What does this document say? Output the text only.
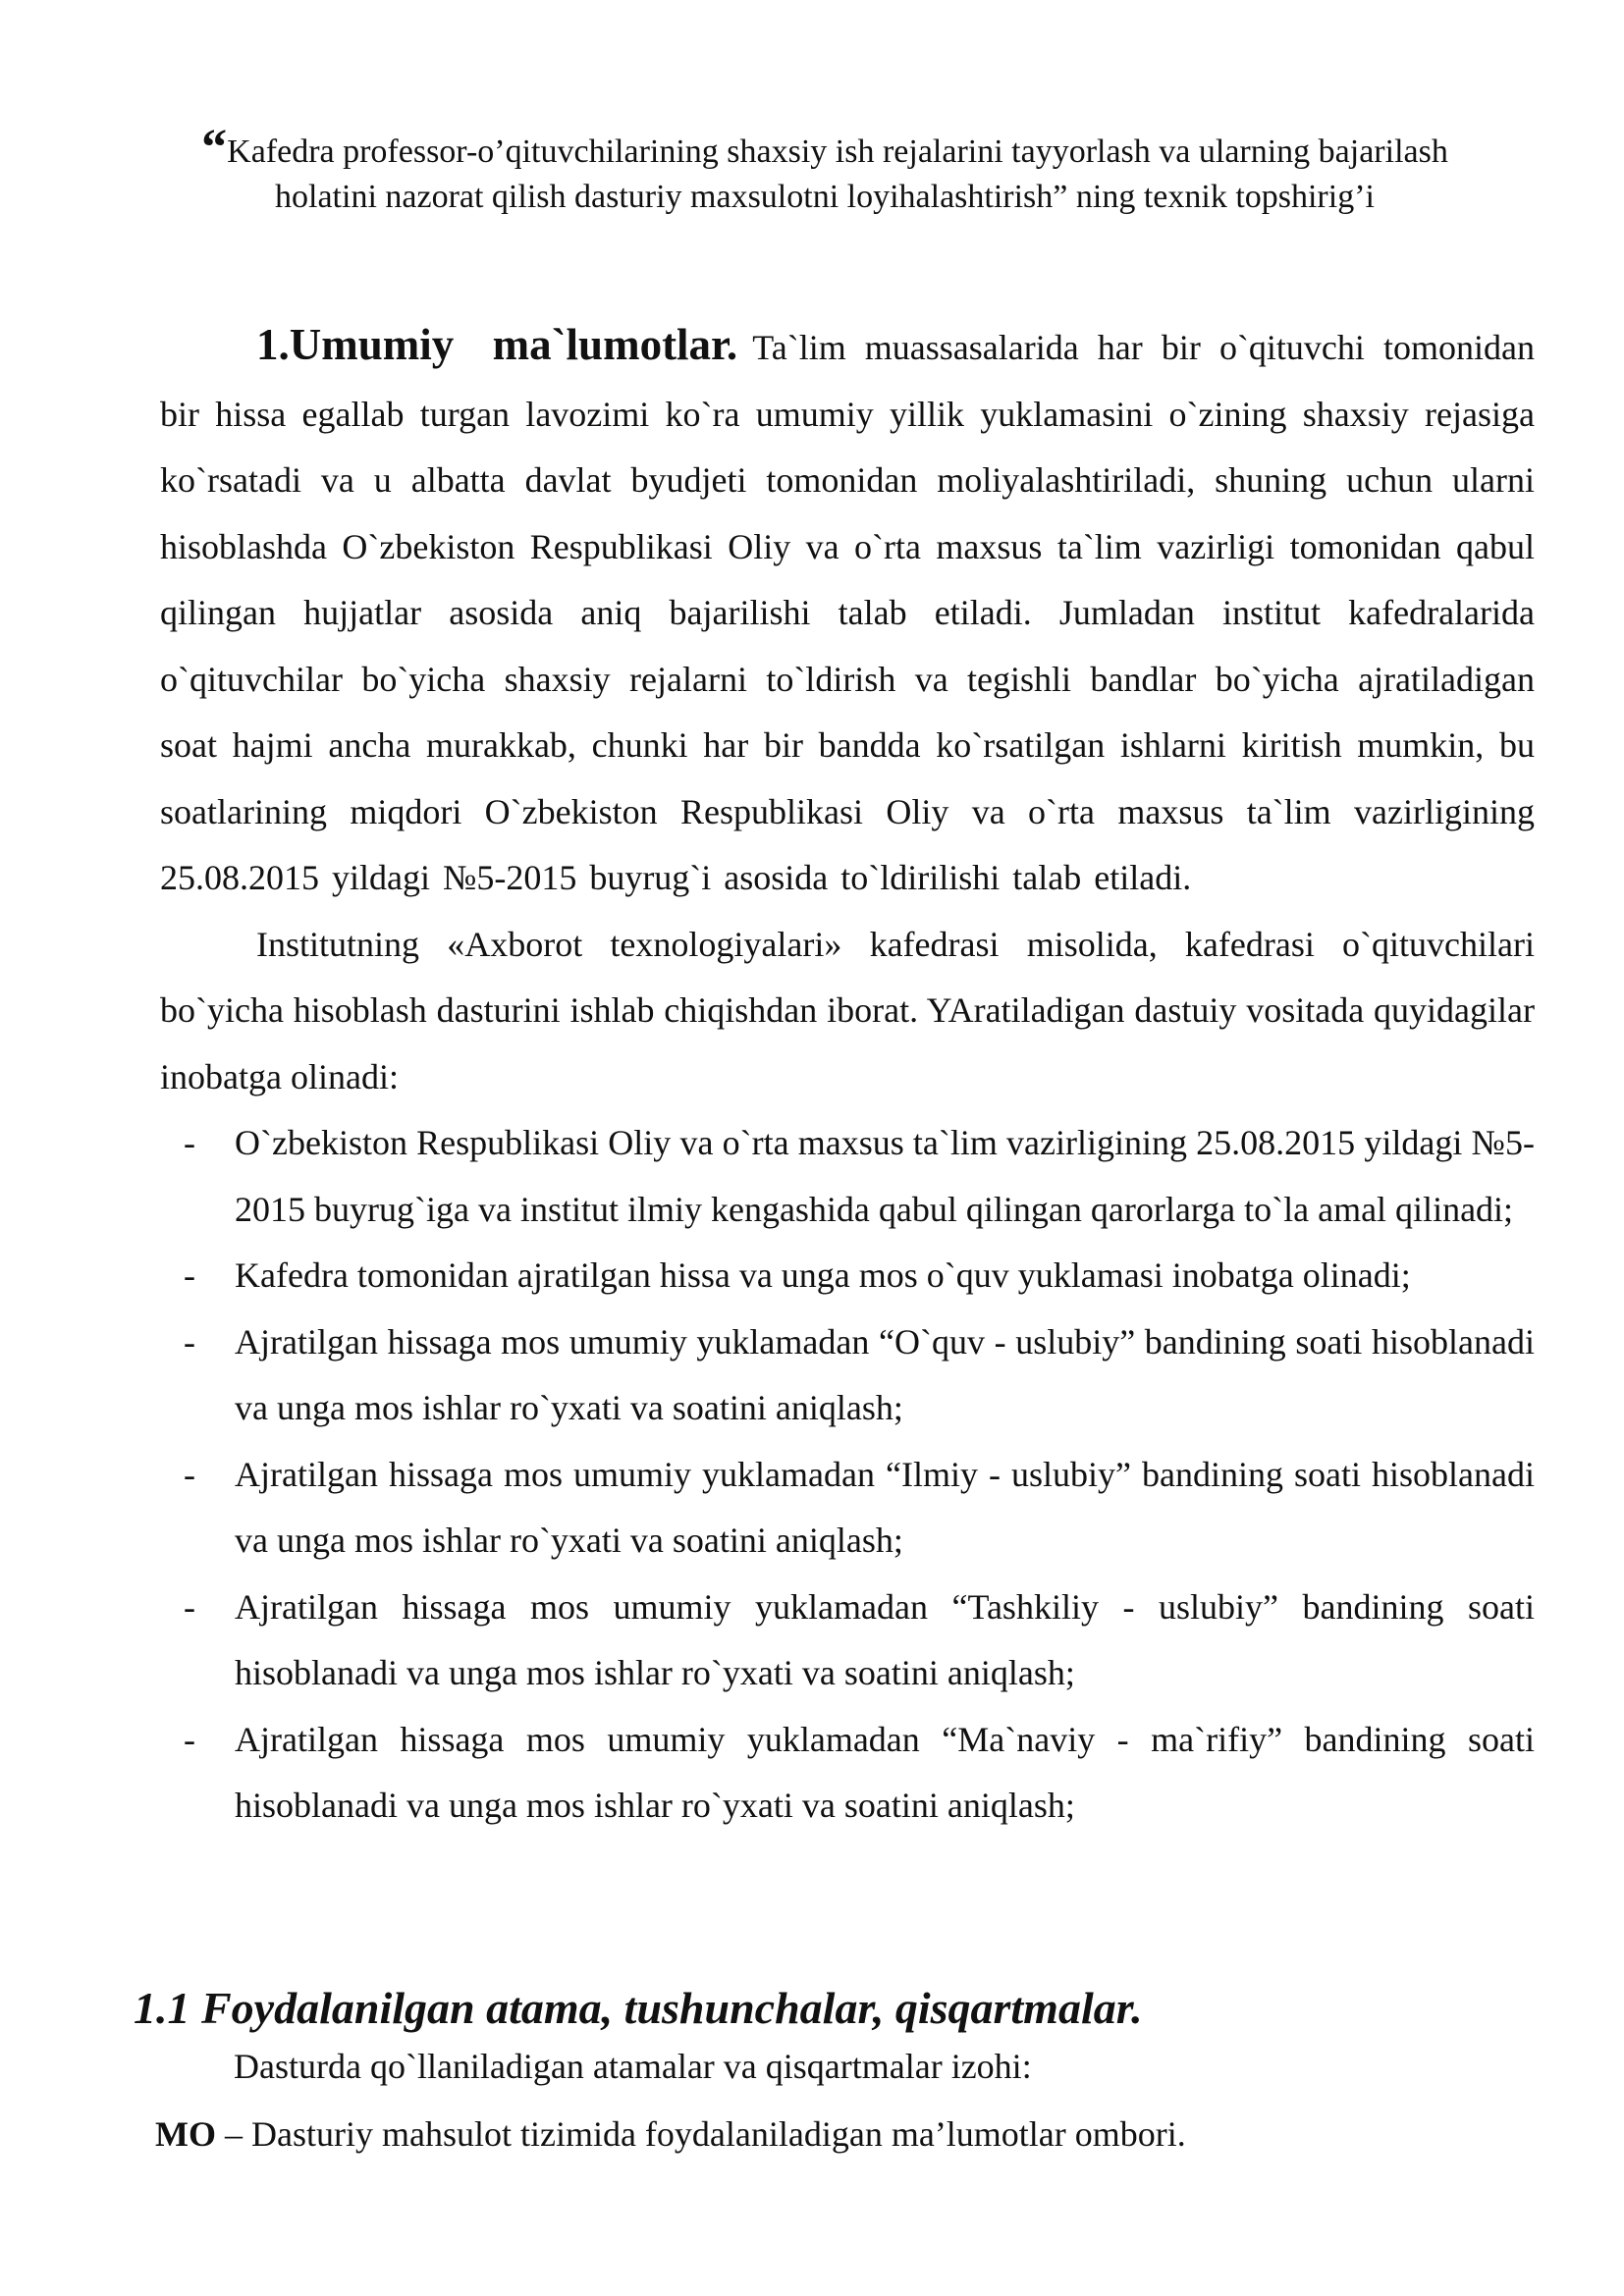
“Kafedra professor-o’qituvchilarining shaxsiy ish rejalarini tayyorlash va ularning bajarilash holatini nazorat qilish dasturiy maxsulotni loyihalashtirish” ning texnik topshirig’i

1.Umumiy ma`lumotlar. Ta`lim muassasalarida har bir o`qituvchi tomonidan bir hissa egallab turgan lavozimi ko`ra umumiy yillik yuklamasini o`zining shaxsiy rejasiga ko`rsatadi va u albatta davlat byudjeti tomonidan moliyalashtiriladi, shuning uchun ularni hisoblashda O`zbekiston Respublikasi Oliy va o`rta maxsus ta`lim vazirligi tomonidan qabul qilingan hujjatlar asosida aniq bajarilishi talab etiladi. Jumladan institut kafedralarida o`qituvchilar bo`yicha shaxsiy rejalarni to`ldirish va tegishli bandlar bo`yicha ajratiladigan soat hajmi ancha murakkab, chunki har bir bandda ko`rsatilgan ishlarni kiritish mumkin, bu soatlarining miqdori O`zbekiston Respublikasi Oliy va o`rta maxsus ta`lim vazirligining 25.08.2015 yildagi №5-2015 buyrug`i asosida to`ldirilishi talab etiladi.

Institutning «Axborot texnologiyalari» kafedrasi misolida, kafedrasi o`qituvchilari bo`yicha hisoblash dasturini ishlab chiqishdan iborat. YAratiladigan dastuiy vositada quyidagilar inobatga olinadi:

- O`zbekiston Respublikasi Oliy va o`rta maxsus ta`lim vazirligining 25.08.2015 yildagi №5-2015 buyrug`iga va institut ilmiy kengashida qabul qilingan qarorlarga to`la amal qilinadi;
- Kafedra tomonidan ajratilgan hissa va unga mos o`quv yuklamasi inobatga olinadi;
- Ajratilgan hissaga mos umumiy yuklamadan “O`quv - uslubiy” bandining soati hisoblanadi va unga mos ishlar ro`yxati va soatini aniqlash;
- Ajratilgan hissaga mos umumiy yuklamadan “Ilmiy - uslubiy” bandining soati hisoblanadi va unga mos ishlar ro`yxati va soatini aniqlash;
- Ajratilgan hissaga mos umumiy yuklamadan “Tashkiliy - uslubiy” bandining soati hisoblanadi va unga mos ishlar ro`yxati va soatini aniqlash;
- Ajratilgan hissaga mos umumiy yuklamadan “Ma`naviy - ma`rifiy” bandining soati hisoblanadi va unga mos ishlar ro`yxati va soatini aniqlash;
1.1 Foydalanilgan atama, tushunchalar, qisqartmalar.
Dasturda qo`llaniladigan atamalar va qisqartmalar izohi:
MO – Dasturiy mahsulot tizimida foydalaniladigan ma’lumotlar ombori.
